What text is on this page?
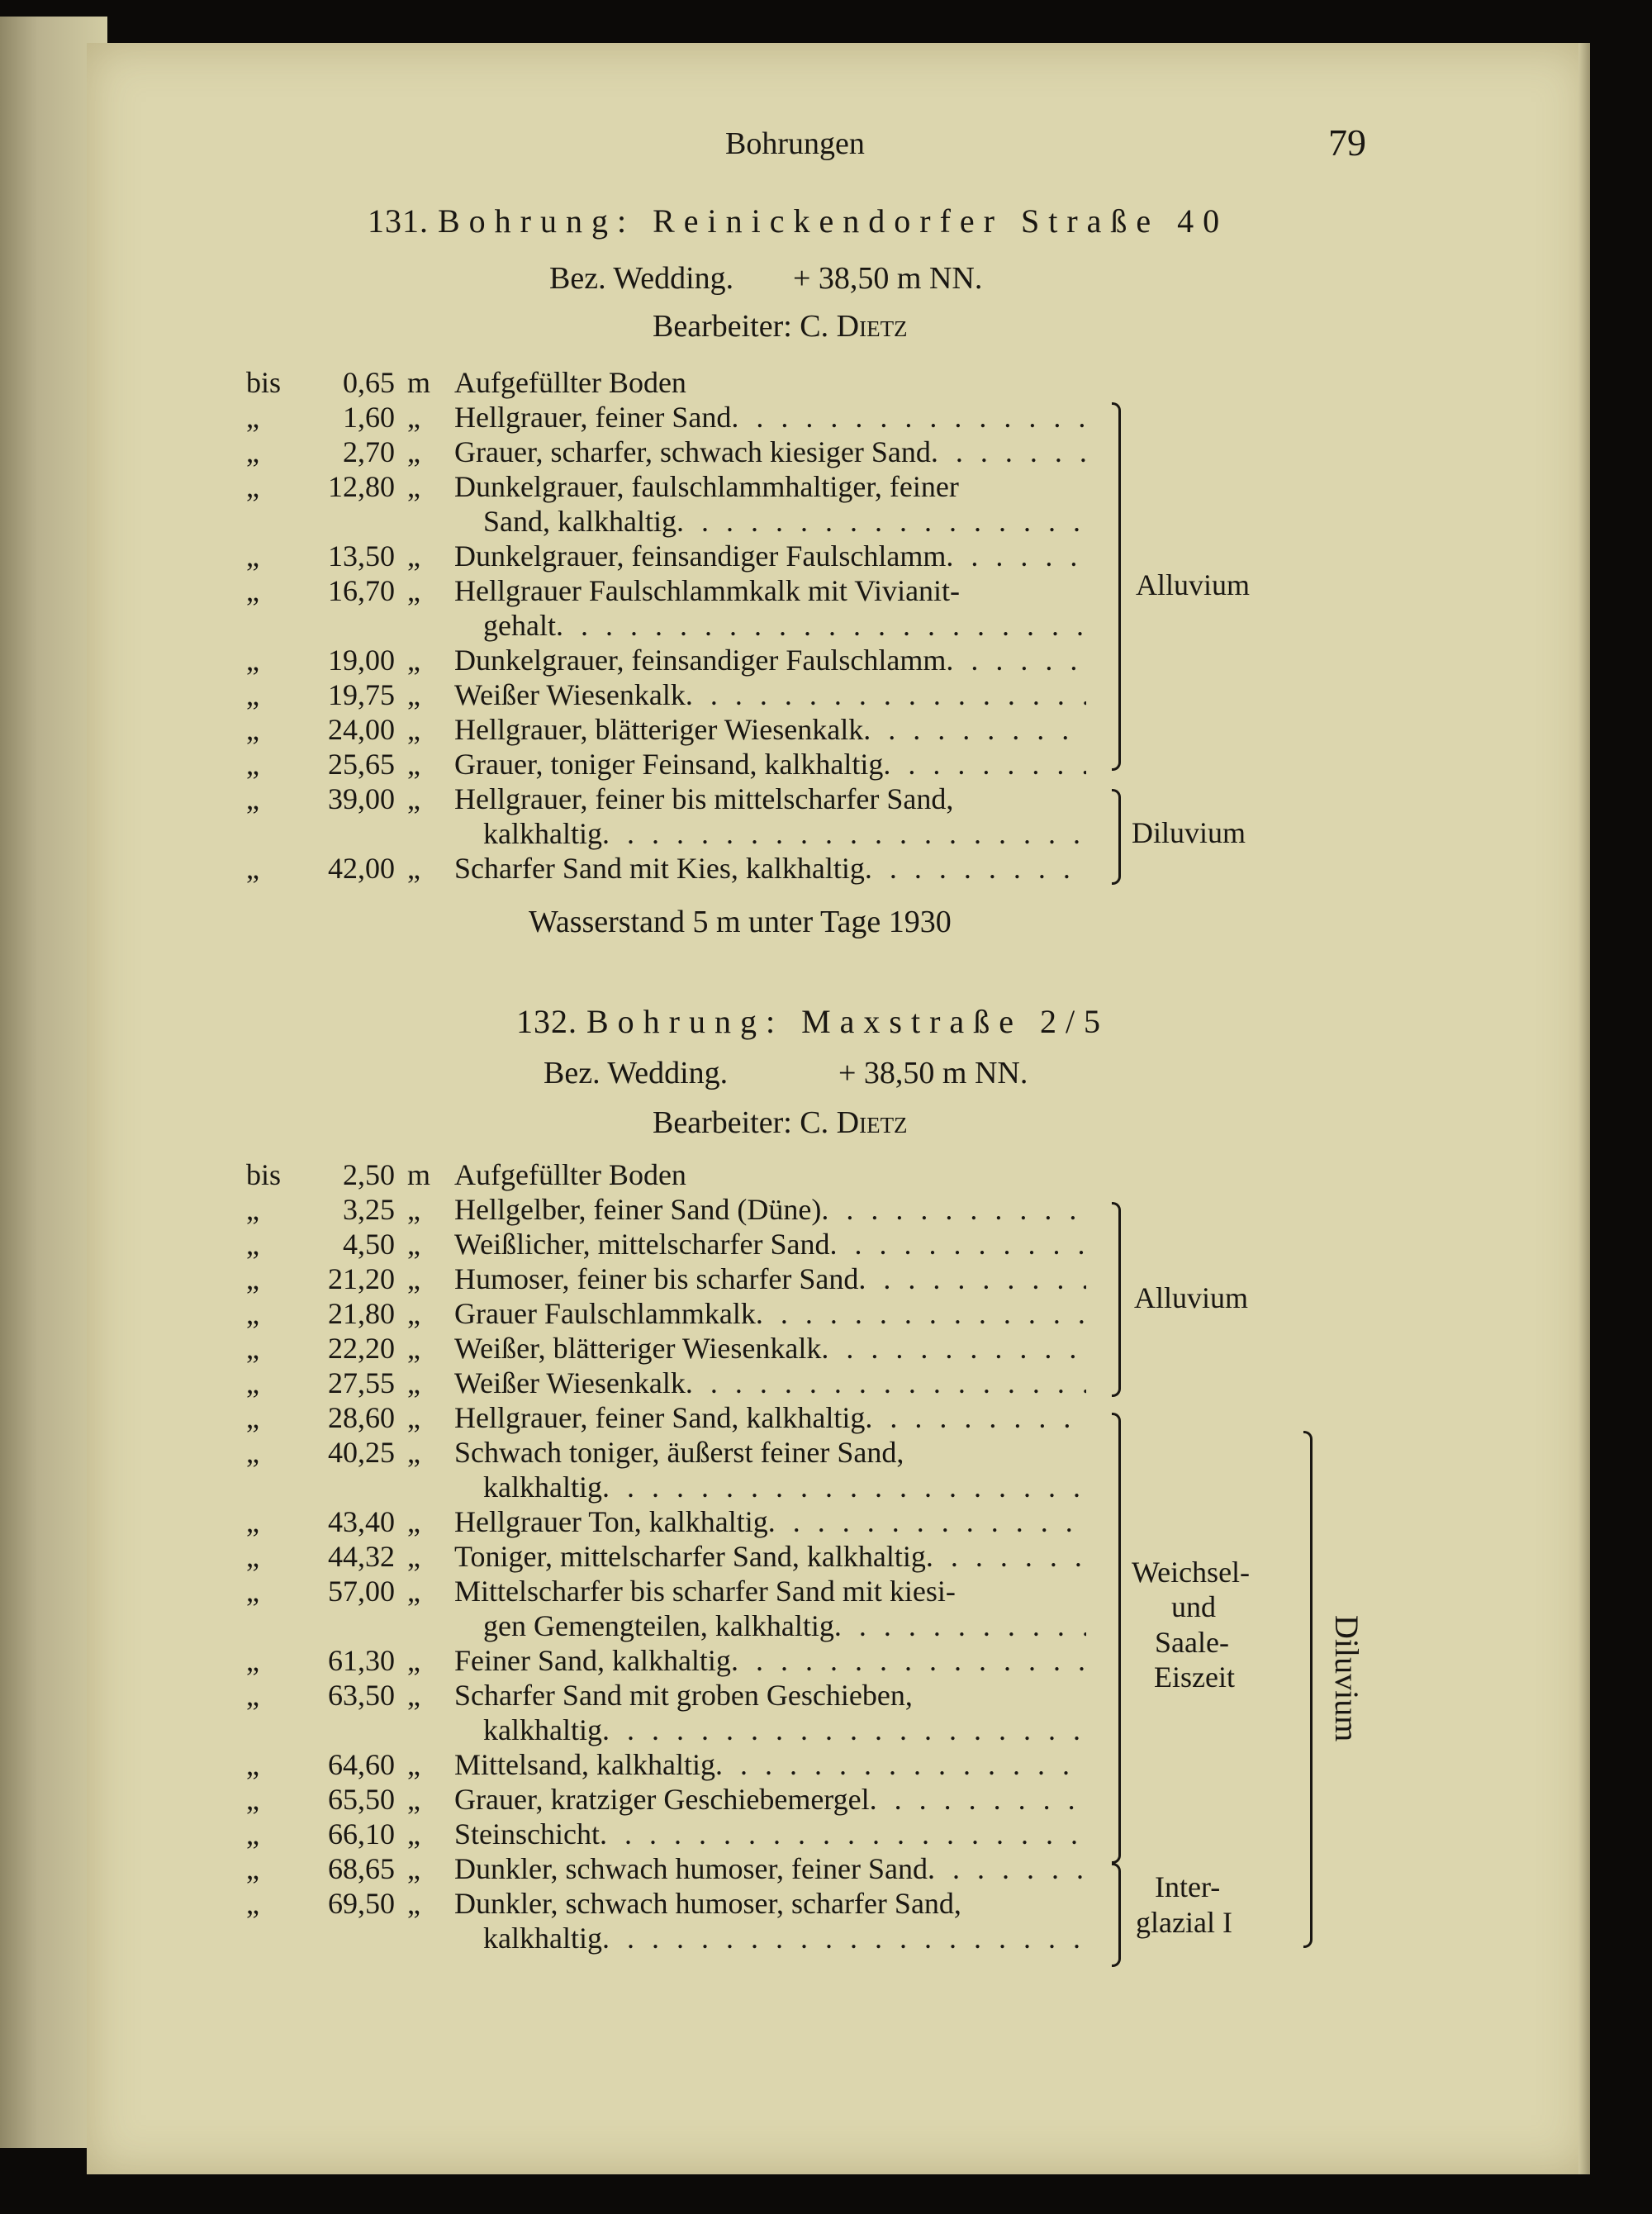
Bohrungen	79
131. Bohrung: Reinickendorfer Straße 40
Bez. Wedding. + 38,50 m NN.
Bearbeiter: C. Dietz
bis	0,65 m Aufgefüllter Boden
„	1,60 „ Hellgrauer, feiner Sand
. . .
„	2,70 „ Grauer, scharfer, schwach kiesiger Sand
. . .
„	12,80 „ Dunkelgrauer, faulschlammhaltiger, feiner
Sand, kalkhaltig
. . .
„	13,50 „ Dunkelgrauer, feinsandiger Faulschlamm
. . .
„	16,70 „ Hellgrauer Faulschlammkalk mit Vivianit-
gehalt
. . .
„	19,00 „ Dunkelgrauer, feinsandiger Faulschlamm
. . .
„	19,75 „ Weißer Wiesenkalk
. . .
„	24,00 „ Hellgrauer, blätteriger Wiesenkalk
. . .
„	25,65 „ Grauer, toniger Feinsand, kalkhaltig
. . .
„	39,00 „ Hellgrauer, feiner bis mittelscharfer Sand,
kalkhaltig
. . .
„	42,00 „ Scharfer Sand mit Kies, kalkhaltig
. . .
Alluvium
Diluvium
Wasserstand 5 m unter Tage 1930
132. Bohrung: Maxstraße 2/5
Bez. Wedding.	+ 38,50 m NN.
Bearbeiter: C. Dietz
bis	2,50 m Aufgefüllter Boden
„	3,25 „ Hellgelber, feiner Sand (Düne)
. . .
„	4,50 „ Weißlicher, mittelscharfer Sand
. . .
„	21,20 „ Humoser, feiner bis scharfer Sand
. . .
„	21,80 „ Grauer Faulschlammkalk
. . .
„	22,20 „ Weißer, blätteriger Wiesenkalk
. . .
„	27,55 „ Weißer Wiesenkalk
. . .
„	28,60 „ Hellgrauer, feiner Sand, kalkhaltig
. . .
„	40,25 „ Schwach toniger, äußerst feiner Sand,
kalkhaltig
. . .
„	43,40 „ Hellgrauer Ton, kalkhaltig
. . .
„	44,32 „ Toniger, mittelscharfer Sand, kalkhaltig
. . .
„	57,00 „ Mittelscharfer bis scharfer Sand mit kiesi-
gen Gemengteilen, kalkhaltig
. . .
„	61,30 „ Feiner Sand, kalkhaltig
. . .
„	63,50 „ Scharfer Sand mit groben Geschieben,
kalkhaltig
. . .
„	64,60 „ Mittelsand, kalkhaltig
. . .
„	65,50 „ Grauer, kratziger Geschiebemergel
. . .
„	66,10 „ Steinschicht
. . .
„	68,65 „ Dunkler, schwach humoser, feiner Sand
. . .
„	69,50 „ Dunkler, schwach humoser, scharfer Sand,
kalkhaltig
. . .
Alluvium
Weichsel-
und
Saale-
Eiszeit
Inter-
glazial I
Diluvium
